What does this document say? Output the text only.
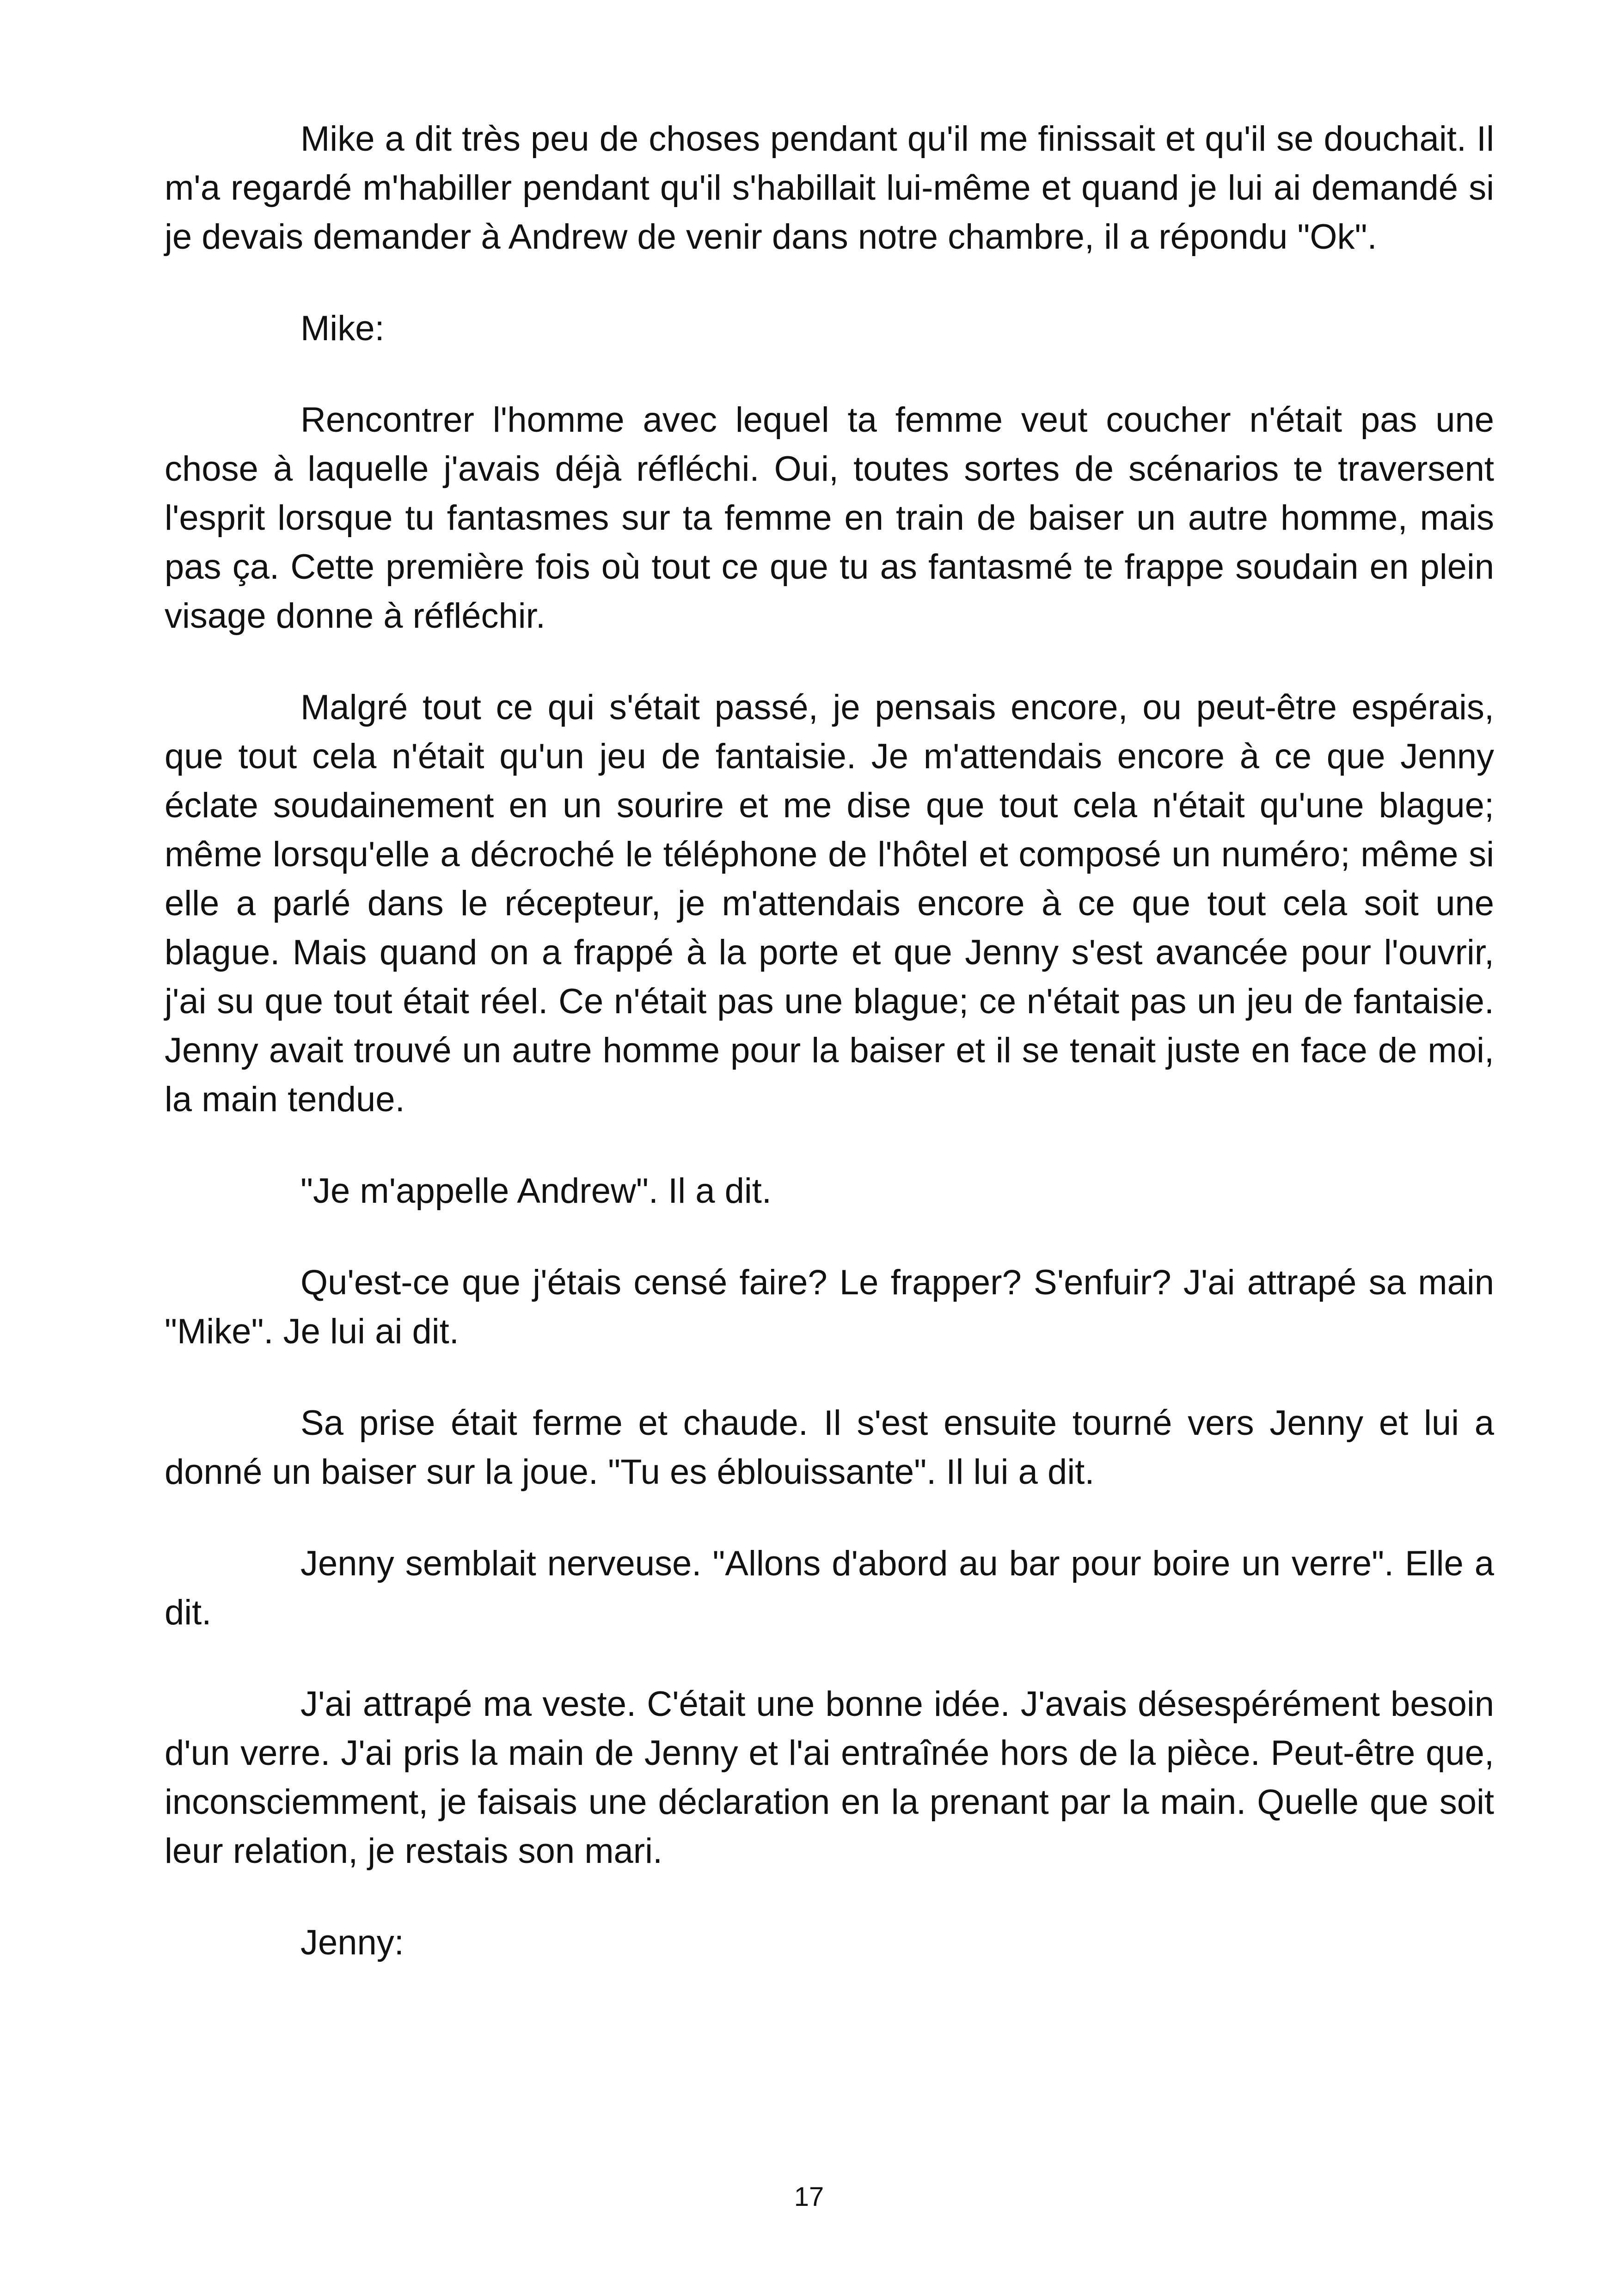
Mike a dit très peu de choses pendant qu'il me finissait et qu'il se douchait. Il m'a regardé m'habiller pendant qu'il s'habillait lui-même et quand je lui ai demandé si je devais demander à Andrew de venir dans notre chambre, il a répondu "Ok".

Mike:

Rencontrer l'homme avec lequel ta femme veut coucher n'était pas une chose à laquelle j'avais déjà réfléchi. Oui, toutes sortes de scénarios te traversent l'esprit lorsque tu fantasmes sur ta femme en train de baiser un autre homme, mais pas ça. Cette première fois où tout ce que tu as fantasmé te frappe soudain en plein visage donne à réfléchir.

Malgré tout ce qui s'était passé, je pensais encore, ou peut-être espérais, que tout cela n'était qu'un jeu de fantaisie. Je m'attendais encore à ce que Jenny éclate soudainement en un sourire et me dise que tout cela n'était qu'une blague; même lorsqu'elle a décroché le téléphone de l'hôtel et composé un numéro; même si elle a parlé dans le récepteur, je m'attendais encore à ce que tout cela soit une blague. Mais quand on a frappé à la porte et que Jenny s'est avancée pour l'ouvrir, j'ai su que tout était réel. Ce n'était pas une blague; ce n'était pas un jeu de fantaisie. Jenny avait trouvé un autre homme pour la baiser et il se tenait juste en face de moi, la main tendue.

"Je m'appelle Andrew". Il a dit.

Qu'est-ce que j'étais censé faire? Le frapper? S'enfuir? J'ai attrapé sa main "Mike". Je lui ai dit.

Sa prise était ferme et chaude. Il s'est ensuite tourné vers Jenny et lui a donné un baiser sur la joue. "Tu es éblouissante". Il lui a dit.

Jenny semblait nerveuse. "Allons d'abord au bar pour boire un verre". Elle a dit.

J'ai attrapé ma veste. C'était une bonne idée. J'avais désespérément besoin d'un verre. J'ai pris la main de Jenny et l'ai entraînée hors de la pièce. Peut-être que, inconsciemment, je faisais une déclaration en la prenant par la main. Quelle que soit leur relation, je restais son mari.

Jenny:

17
